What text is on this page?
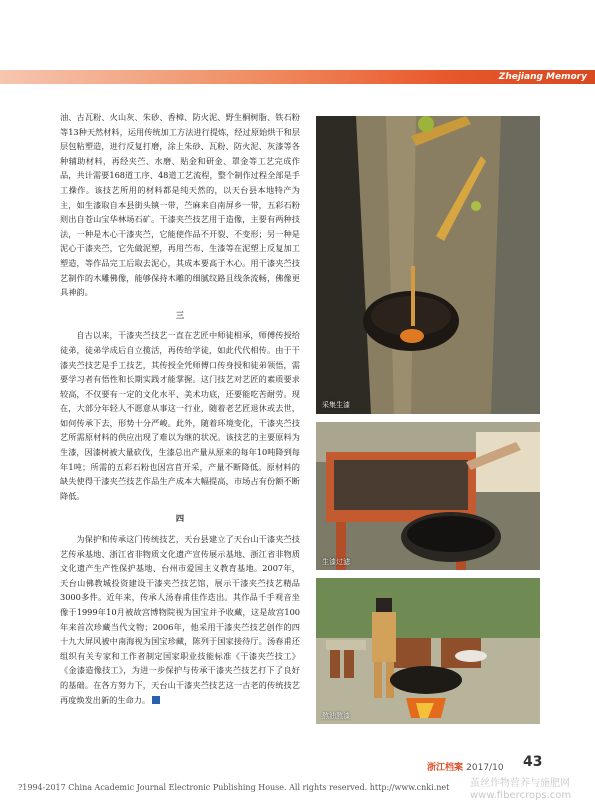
Zhejiang Memory

油、古瓦粉、火山灰、朱砂、香樟、防火泥、野生桐树脂、铁石粉等13种天然材料，运用传统加工方法进行提炼，经过原始烘干和层层包粘塑造，进行反复打磨，涂上朱砂、瓦粉、防火泥、灰漆等各种辅助材料，再经夹苎、水磨、贴金和研金、罩金等工艺完成作品，共计需要168道工序、48道工艺流程，整个制作过程全部是手工操作。该技艺所用的材料都是纯天然的，以天台县本地特产为主，如生漆取自本县街头镇一带，苎麻来自南屏乡一带，五彩石粉则出自苍山宝华林场石矿。干漆夹苎技艺用于造像，主要有两种技法，一种是木心干漆夹苎，它能使作品不开裂、不变形；另一种是泥心干漆夹苎，它先做泥塑，再用苎布、生漆等在泥塑上反复加工塑造，等作品完工后取去泥心，其成本要高于木心。用干漆夹苎技艺制作的木雕佛像，能够保持木雕的细腻纹路且线条流畅，佛像更具神韵。

三

自古以来，干漆夹苎技艺一直在艺匠中师徒相承，师傅传授给徒弟，徒弟学成后自立揽活，再传给学徒，如此代代相传。由于干漆夹苎技艺是手工技艺，其传授全凭师傅口传身授和徒弟领悟，需要学习者有悟性和长期实践才能掌握。这门技艺对艺匠的素质要求较高，不仅要有一定的文化水平、美术功底，还要能吃苦耐劳。现在，大部分年轻人不愿意从事这一行业，随着老艺匠退休或去世，如何传承下去，形势十分严峻。此外，随着环境变化，干漆夹苎技艺所需原材料的供应出现了难以为继的状况。该技艺的主要原料为生漆，因漆树被大量砍伐，生漆总出产量从原来的每年10吨降到每年1吨；所需的五彩石粉也因宫苜开采，产量不断降低。原材料的缺失使得干漆夹苎技艺作品生产成本大幅提高，市场占有份额不断降低。

四

为保护和传承这门传统技艺，天台县建立了天台山干漆夹苎技艺传承基地、浙江省非物质文化遗产宣传展示基地、浙江省非物质文化遗产生产性保护基地、台州市爱国主义教育基地。2007年，天台山佛教城投资建设干漆夹苎技艺馆，展示干漆夹苎技艺精品3000多件。近年来，传承人汤春甫佳作迭出。其作品千手观音坐像于1999年10月被故宫博物院视为国宝并予收藏，这是故宫100年来首次珍藏当代文物；2006年，他采用干漆夹苎技艺创作的四十九大屏风被中南海视为国宝珍藏，陈列于国家接待厅。汤春甫还组织有关专家和工作者制定国家职业技能标准《干漆夹苎技工》《金漆造像技工》，为进一步保护与传承干漆夹苎技艺打下了良好的基础。在各方努力下，天台山干漆夹苎技艺这一古老的传统技艺再度焕发出新的生命力。

采集生漆
生漆过滤
熬油熬漆
浙江档案 2017/10 43
?1994-2017 China Academic Journal Electronic Publishing House. All rights reserved. http://www.cnki.net 茧丝作物营养与施肥网
www.fibercrops.com
